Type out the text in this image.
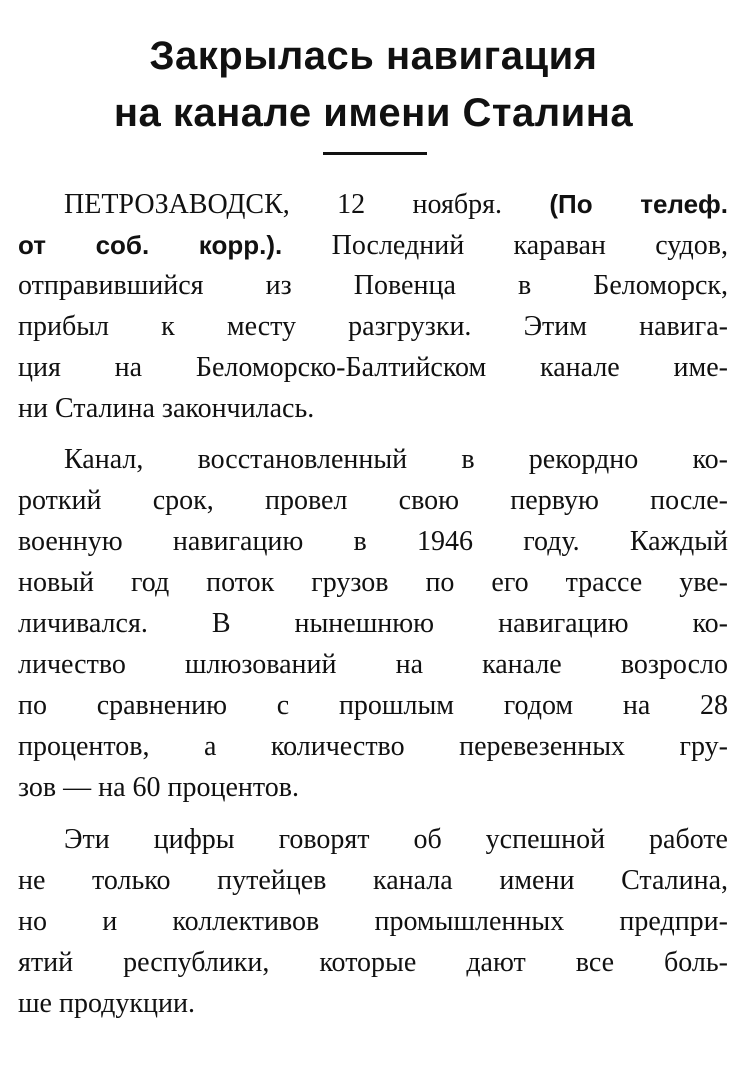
Закрылась навигация
на канале имени Сталина
ПЕТРОЗАВОДСК, 12 ноября. (По телеф.
от соб. корр.). Последний караван судов,
отправившийся из Повенца в Беломорск,
прибыл к месту разгрузки. Этим навига-
ция на Беломорско-Балтийском канале име-
ни Сталина закончилась.
Канал, восстановленный в рекордно ко-
роткий срок, провел свою первую после-
военную навигацию в 1946 году. Каждый
новый год поток грузов по его трассе уве-
личивался. В нынешнюю навигацию ко-
личество шлюзований на канале возросло
по сравнению с прошлым годом на 28
процентов, а количество перевезенных гру-
зов — на 60 процентов.
Эти цифры говорят об успешной работе
не только путейцев канала имени Сталина,
но и коллективов промышленных предпри-
ятий республики, которые дают все боль-
ше продукции.
